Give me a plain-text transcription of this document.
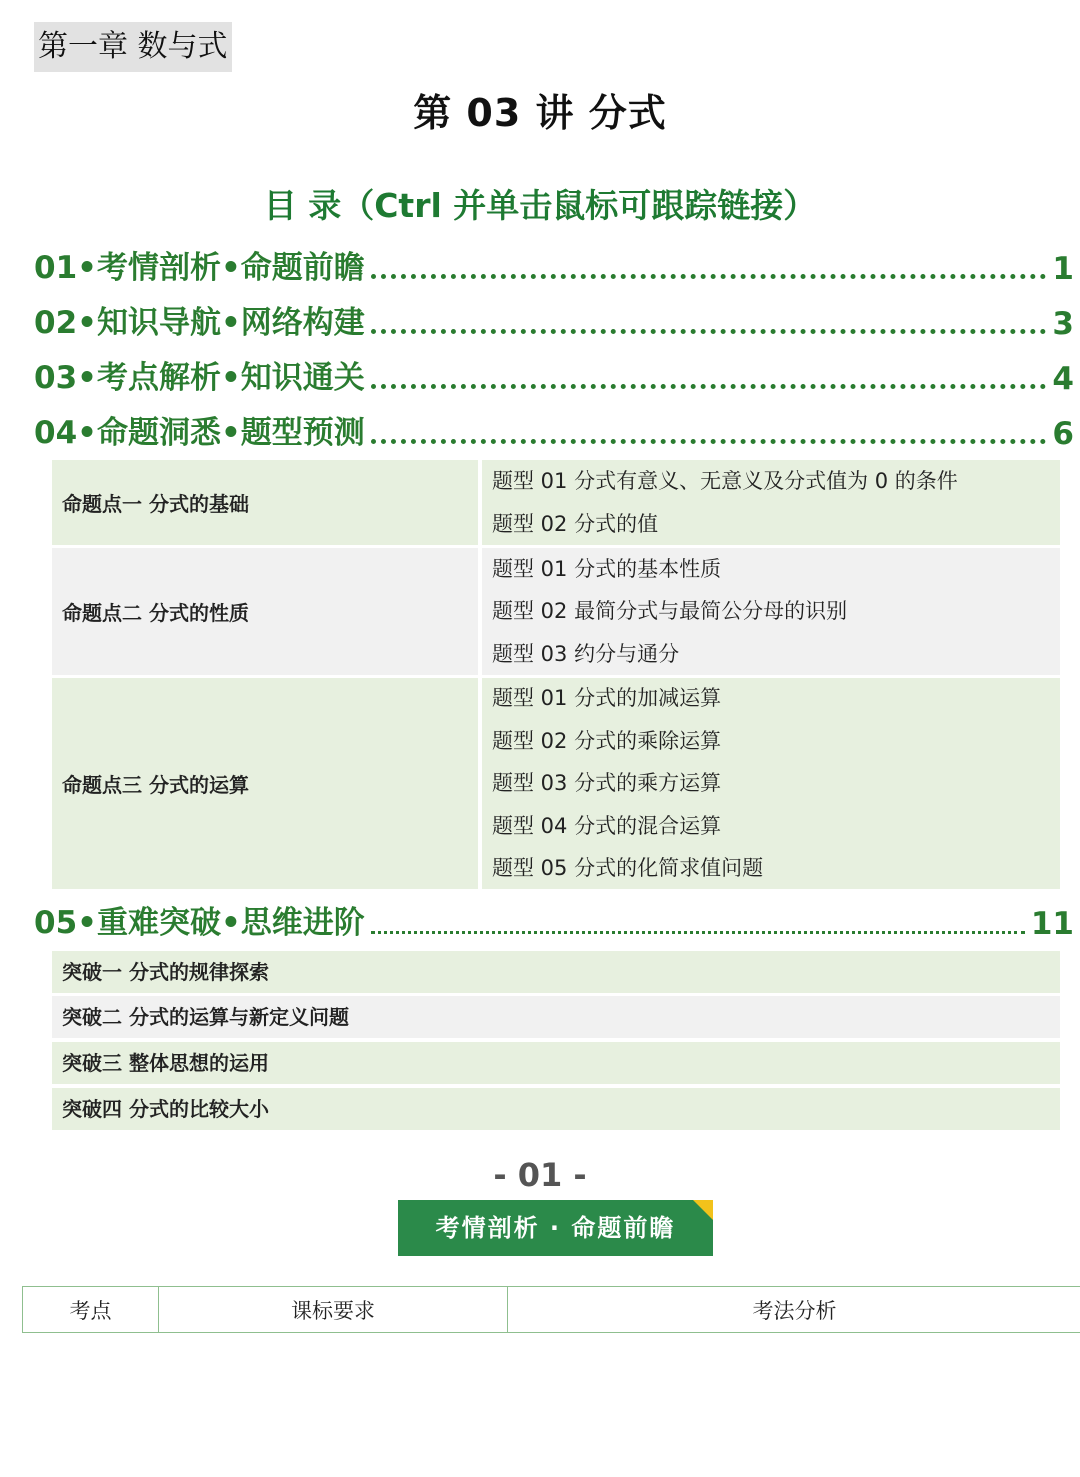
第一章 数与式
第 03 讲 分式
目 录（Ctrl 并单击鼠标可跟踪链接）
01•考情剖析•命题前瞻	1
02•知识导航•网络构建	3
03•考点解析•知识通关	4
04•命题洞悉•题型预测	6
命题点一 分式的基础
题型 01 分式有意义、无意义及分式值为 0 的条件
题型 02 分式的值
命题点二 分式的性质
题型 01 分式的基本性质
题型 02 最简分式与最简公分母的识别
题型 03 约分与通分
命题点三 分式的运算
题型 01 分式的加减运算
题型 02 分式的乘除运算
题型 03 分式的乘方运算
题型 04 分式的混合运算
题型 05 分式的化简求值问题
05•重难突破•思维进阶	11
突破一 分式的规律探索
突破二 分式的运算与新定义问题
突破三 整体思想的运用
突破四 分式的比较大小
- 01 -
考情剖析 · 命题前瞻
考点	课标要求	考法分析
